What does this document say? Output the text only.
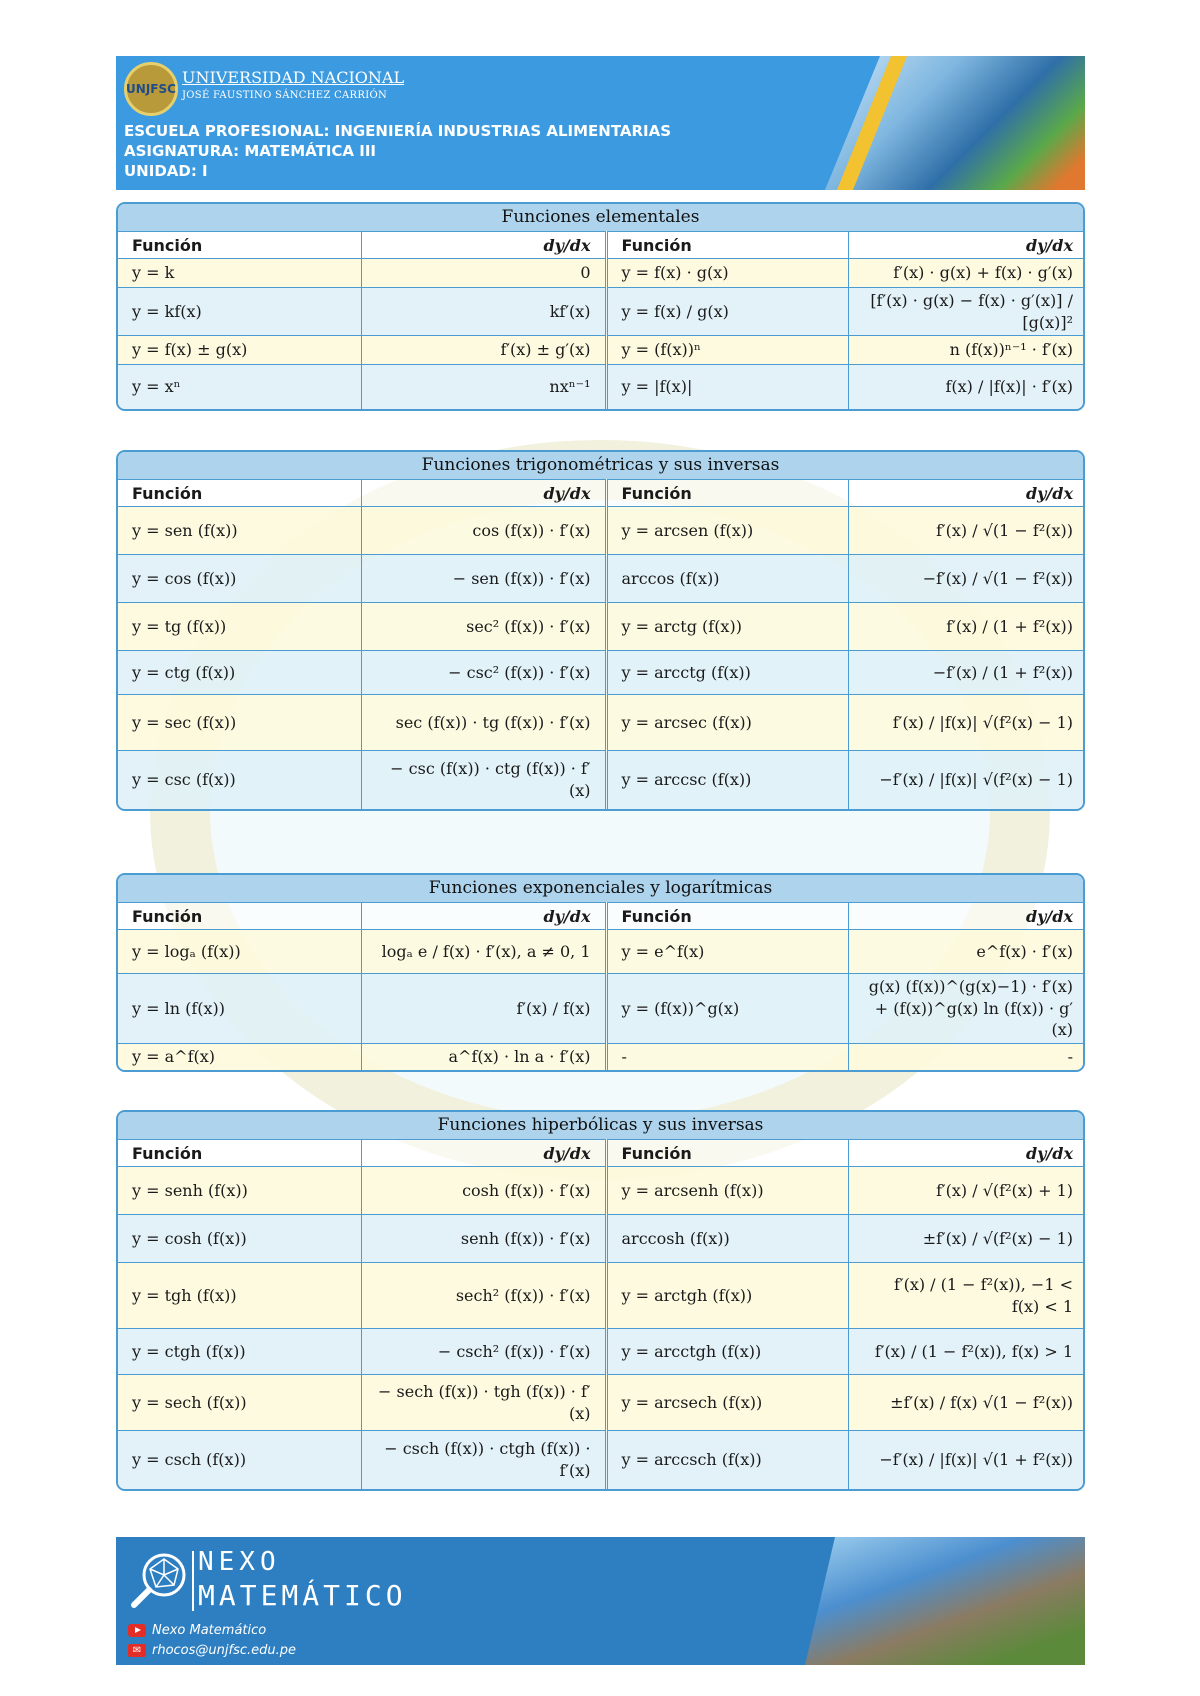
UNJFSC
UNIVERSIDAD NACIONAL
JOSÉ FAUSTINO SÁNCHEZ CARRIÓN
ESCUELA PROFESIONAL: INGENIERÍA INDUSTRIAS ALIMENTARIAS
ASIGNATURA: MATEMÁTICA III
UNIDAD: I
Funciones elementales
Función	dy/dx	Función	dy/dx
y = k	0	y = f(x) · g(x)	f′(x) · g(x) + f(x) · g′(x)
y = kf(x)	kf′(x)	y = f(x) / g(x)	[f′(x) · g(x) − f(x) · g′(x)] / [g(x)]²
y = f(x) ± g(x)	f′(x) ± g′(x)	y = (f(x))ⁿ	n (f(x))ⁿ⁻¹ · f′(x)
y = xⁿ	nxⁿ⁻¹	y = |f(x)|	f(x) / |f(x)| · f′(x)
Funciones trigonométricas y sus inversas
Función	dy/dx	Función	dy/dx
y = sen (f(x))	cos (f(x)) · f′(x)	y = arcsen (f(x))	f′(x) / √(1 − f²(x))
y = cos (f(x))	− sen (f(x)) · f′(x)	arccos (f(x))	−f′(x) / √(1 − f²(x))
y = tg (f(x))	sec² (f(x)) · f′(x)	y = arctg (f(x))	f′(x) / (1 + f²(x))
y = ctg (f(x))	− csc² (f(x)) · f′(x)	y = arcctg (f(x))	−f′(x) / (1 + f²(x))
y = sec (f(x))	sec (f(x)) · tg (f(x)) · f′(x)	y = arcsec (f(x))	f′(x) / |f(x)| √(f²(x) − 1)
y = csc (f(x))	− csc (f(x)) · ctg (f(x)) · f′(x)	y = arccsc (f(x))	−f′(x) / |f(x)| √(f²(x) − 1)
Funciones exponenciales y logarítmicas
Función	dy/dx	Función	dy/dx
y = logₐ (f(x))	logₐ e / f(x) · f′(x), a ≠ 0, 1	y = e^f(x)	e^f(x) · f′(x)
y = ln (f(x))	f′(x) / f(x)	y = (f(x))^g(x)	g(x) (f(x))^(g(x)−1) · f′(x) + (f(x))^g(x) ln (f(x)) · g′(x)
y = a^f(x)	a^f(x) · ln a · f′(x)	-	-
Funciones hiperbólicas y sus inversas
Función	dy/dx	Función	dy/dx
y = senh (f(x))	cosh (f(x)) · f′(x)	y = arcsenh (f(x))	f′(x) / √(f²(x) + 1)
y = cosh (f(x))	senh (f(x)) · f′(x)	arccosh (f(x))	±f′(x) / √(f²(x) − 1)
y = tgh (f(x))	sech² (f(x)) · f′(x)	y = arctgh (f(x))	f′(x) / (1 − f²(x)), −1 < f(x) < 1
y = ctgh (f(x))	− csch² (f(x)) · f′(x)	y = arcctgh (f(x))	f′(x) / (1 − f²(x)), f(x) > 1
y = sech (f(x))	− sech (f(x)) · tgh (f(x)) · f′(x)	y = arcsech (f(x))	±f′(x) / f(x) √(1 − f²(x))
y = csch (f(x))	− csch (f(x)) · ctgh (f(x)) · f′(x)	y = arccsch (f(x))	−f′(x) / |f(x)| √(1 + f²(x))
NEXO
MATEMÁTICO
Nexo Matemático
✉ rhocos@unjfsc.edu.pe
